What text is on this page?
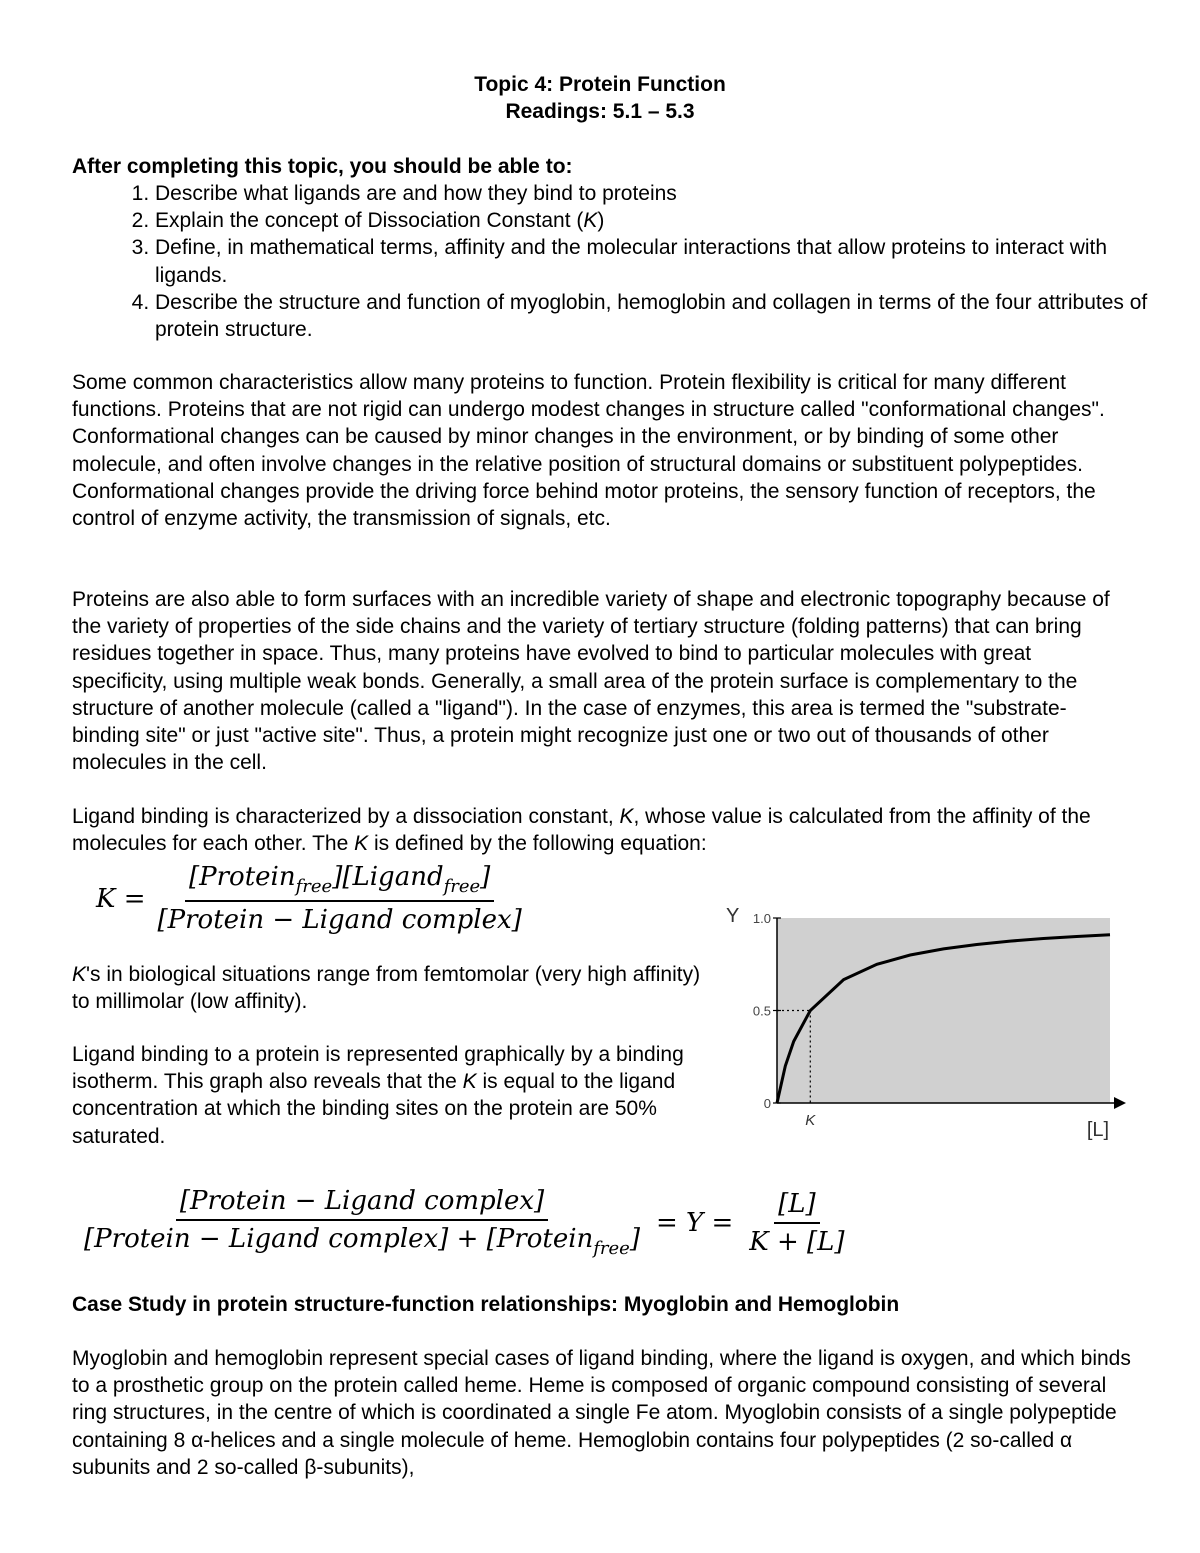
Topic 4: Protein Function
Readings: 5.1 – 5.3
After completing this topic, you should be able to:
1. Describe what ligands are and how they bind to proteins
2. Explain the concept of Dissociation Constant (K)
3. Define, in mathematical terms, affinity and the molecular interactions that allow proteins to interact with ligands.
4. Describe the structure and function of myoglobin, hemoglobin and collagen in terms of the four attributes of protein structure.

Some common characteristics allow many proteins to function. Protein flexibility is critical for many different functions. Proteins that are not rigid can undergo modest changes in structure called "conformational changes". Conformational changes can be caused by minor changes in the environment, or by binding of some other molecule, and often involve changes in the relative position of structural domains or substituent polypeptides. Conformational changes provide the driving force behind motor proteins, the sensory function of receptors, the control of enzyme activity, the transmission of signals, etc.

Proteins are also able to form surfaces with an incredible variety of shape and electronic topography because of the variety of properties of the side chains and the variety of tertiary structure (folding patterns) that can bring residues together in space. Thus, many proteins have evolved to bind to particular molecules with great specificity, using multiple weak bonds. Generally, a small area of the protein surface is complementary to the structure of another molecule (called a "ligand"). In the case of enzymes, this area is termed the "substrate-binding site" or just "active site". Thus, a protein might recognize just one or two out of thousands of other molecules in the cell.

Ligand binding is characterized by a dissociation constant, K, whose value is calculated from the affinity of the molecules for each other. The K is defined by the following equation:

$K = \frac{[Protein_{free}][Ligand_{free}]}{\text{[Protein − Ligand complex]}}$

K's in biological situations range from femtomolar (very high affinity) to millimolar (low affinity).

Ligand binding to a protein is represented graphically by a binding isotherm. This graph also reveals that the K is equal to the ligand concentration at which the binding sites on the protein are 50% saturated.

0
0.5
1.0
Y
K	[L]
$\frac{\text{[Protein − Ligand complex]}}{[Protein - Ligand complex] + [Protein_{free}]} = Y = \frac{[L]}{K + [L]}$
Case Study in protein structure-function relationships: Myoglobin and Hemoglobin

Myoglobin and hemoglobin represent special cases of ligand binding, where the ligand is oxygen, and which binds to a prosthetic group on the protein called heme. Heme is composed of organic compound consisting of several ring structures, in the centre of which is coordinated a single Fe atom. Myoglobin consists of a single polypeptide containing 8 α-helices and a single molecule of heme. Hemoglobin contains four polypeptides (2 so-called α subunits and 2 so-called β-subunits),
